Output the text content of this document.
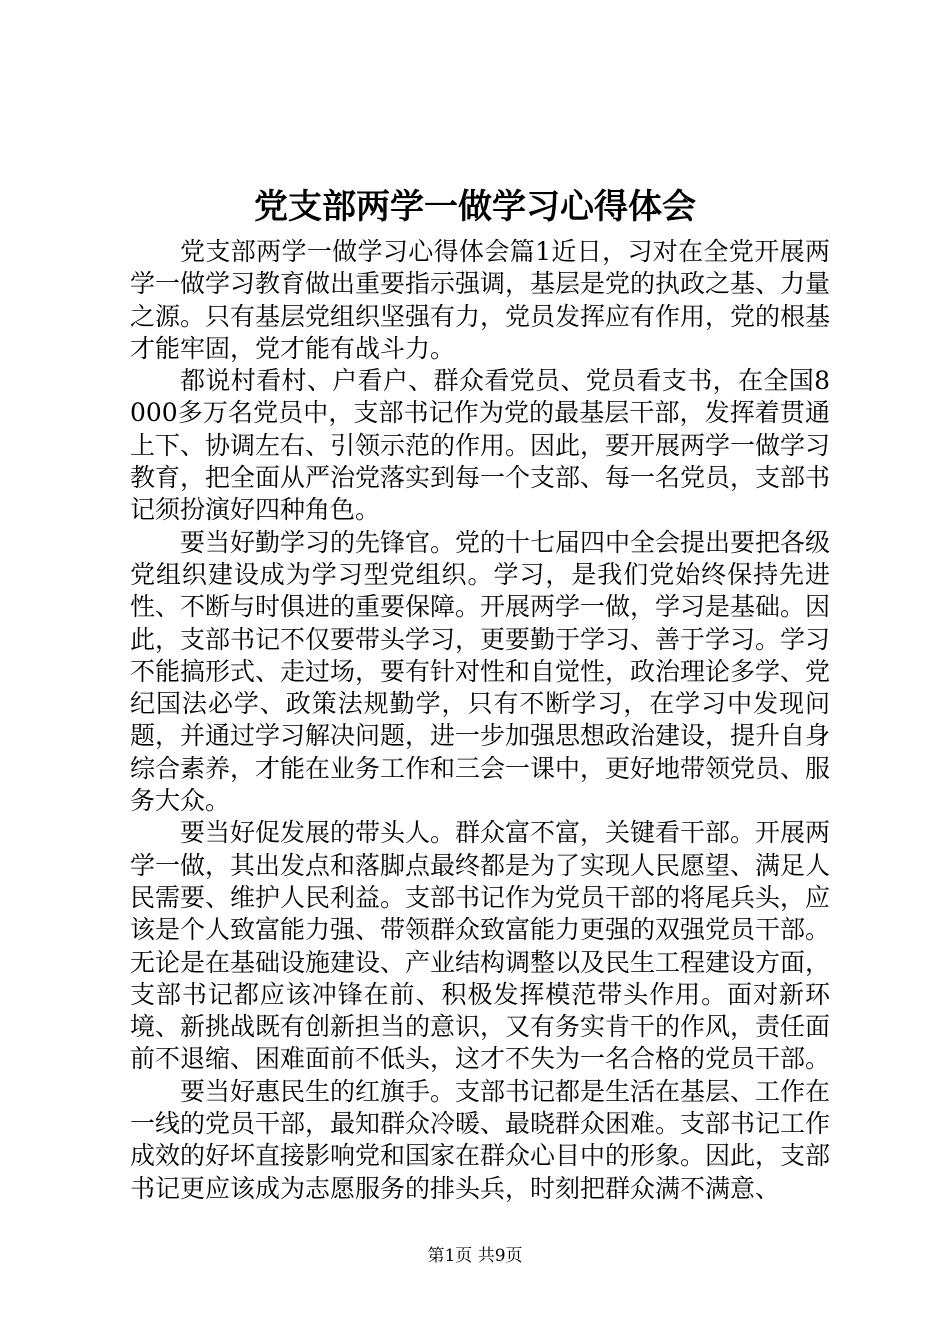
党支部两学一做学习心得体会

党支部两学一做学习心得体会篇1近日，习对在全党开展两学一做学习教育做出重要指示强调，基层是党的执政之基、力量之源。只有基层党组织坚强有力，党员发挥应有作用，党的根基才能牢固，党才能有战斗力。

都说村看村、户看户、群众看党员、党员看支书，在全国8000多万名党员中，支部书记作为党的最基层干部，发挥着贯通上下、协调左右、引领示范的作用。因此，要开展两学一做学习教育，把全面从严治党落实到每一个支部、每一名党员，支部书记须扮演好四种角色。

要当好勤学习的先锋官。党的十七届四中全会提出要把各级党组织建设成为学习型党组织。学习，是我们党始终保持先进性、不断与时俱进的重要保障。开展两学一做，学习是基础。因此，支部书记不仅要带头学习，更要勤于学习、善于学习。学习不能搞形式、走过场，要有针对性和自觉性，政治理论多学、党纪国法必学、政策法规勤学，只有不断学习，在学习中发现问题，并通过学习解决问题，进一步加强思想政治建设，提升自身综合素养，才能在业务工作和三会一课中，更好地带领党员、服务大众。

要当好促发展的带头人。群众富不富，关键看干部。开展两学一做，其出发点和落脚点最终都是为了实现人民愿望、满足人民需要、维护人民利益。支部书记作为党员干部的将尾兵头，应该是个人致富能力强、带领群众致富能力更强的双强党员干部。无论是在基础设施建设、产业结构调整以及民生工程建设方面，支部书记都应该冲锋在前、积极发挥模范带头作用。面对新环境、新挑战既有创新担当的意识，又有务实肯干的作风，责任面前不退缩、困难面前不低头，这才不失为一名合格的党员干部。

要当好惠民生的红旗手。支部书记都是生活在基层、工作在一线的党员干部，最知群众冷暖、最晓群众困难。支部书记工作成效的好坏直接影响党和国家在群众心目中的形象。因此，支部书记更应该成为志愿服务的排头兵，时刻把群众满不满意、

第1页 共9页
